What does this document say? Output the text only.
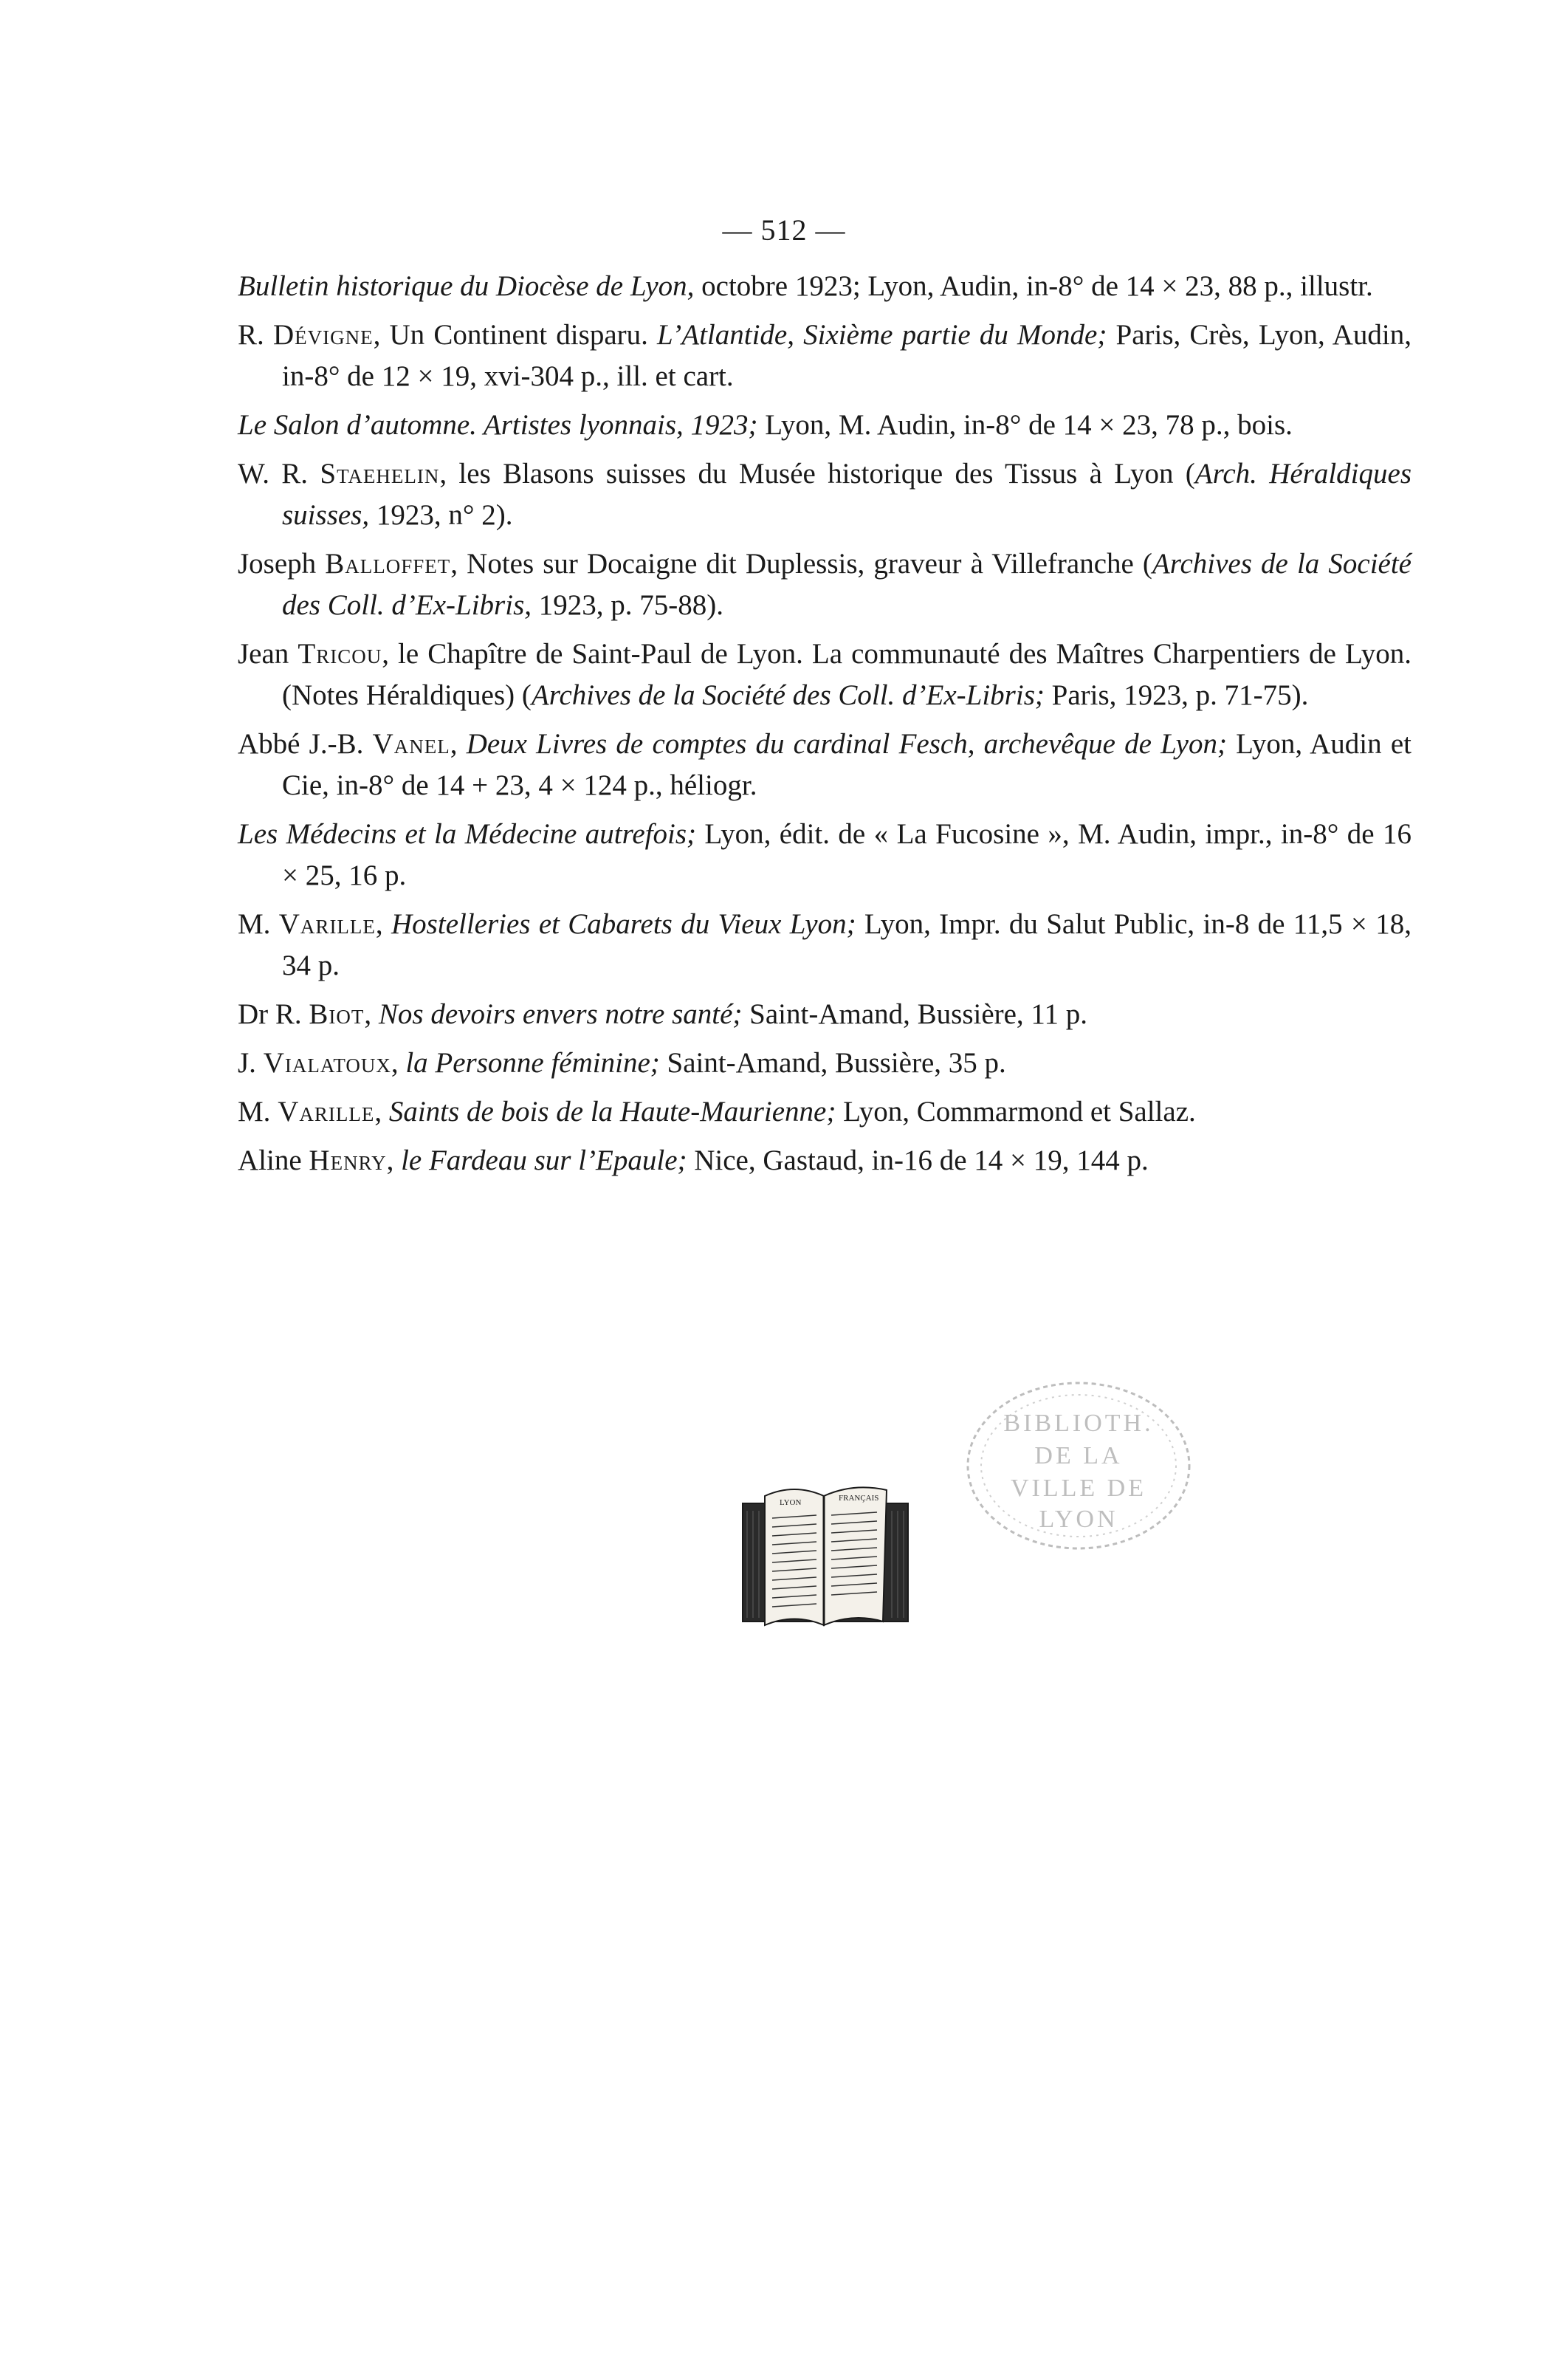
— 512 —

Bulletin historique du Diocèse de Lyon, octobre 1923; Lyon, Audin, in-8° de 14 × 23, 88 p., illustr.

R. Dévigne, Un Continent disparu. L’Atlantide, Sixième partie du Monde; Paris, Crès, Lyon, Audin, in-8° de 12 × 19, xvi-304 p., ill. et cart.

Le Salon d’automne. Artistes lyonnais, 1923; Lyon, M. Audin, in-8° de 14 × 23, 78 p., bois.

W. R. Staehelin, les Blasons suisses du Musée historique des Tissus à Lyon (Arch. Héraldiques suisses, 1923, n° 2).

Joseph Balloffet, Notes sur Docaigne dit Duplessis, graveur à Villefranche (Archives de la Société des Coll. d’Ex-Libris, 1923, p. 75-88).

Jean Tricou, le Chapître de Saint-Paul de Lyon. La communauté des Maîtres Charpentiers de Lyon. (Notes Héraldiques) (Archives de la Société des Coll. d’Ex-Libris; Paris, 1923, p. 71-75).

Abbé J.-B. Vanel, Deux Livres de comptes du cardinal Fesch, archevêque de Lyon; Lyon, Audin et Cie, in-8° de 14 + 23, 4 × 124 p., héliogr.

Les Médecins et la Médecine autrefois; Lyon, édit. de « La Fucosine », M. Audin, impr., in-8° de 16 × 25, 16 p.

M. Varille, Hostelleries et Cabarets du Vieux Lyon; Lyon, Impr. du Salut Public, in-8 de 11,5 × 18, 34 p.

Dr R. Biot, Nos devoirs envers notre santé; Saint-Amand, Bussière, 11 p.

J. Vialatoux, la Personne féminine; Saint-Amand, Bussière, 35 p.

M. Varille, Saints de bois de la Haute-Maurienne; Lyon, Commarmond et Sallaz.

Aline Henry, le Fardeau sur l’Epaule; Nice, Gastaud, in-16 de 14 × 19, 144 p.

LYON	FRANÇAIS
BIBLIOTH.
DE LA
VILLE DE
LYON
